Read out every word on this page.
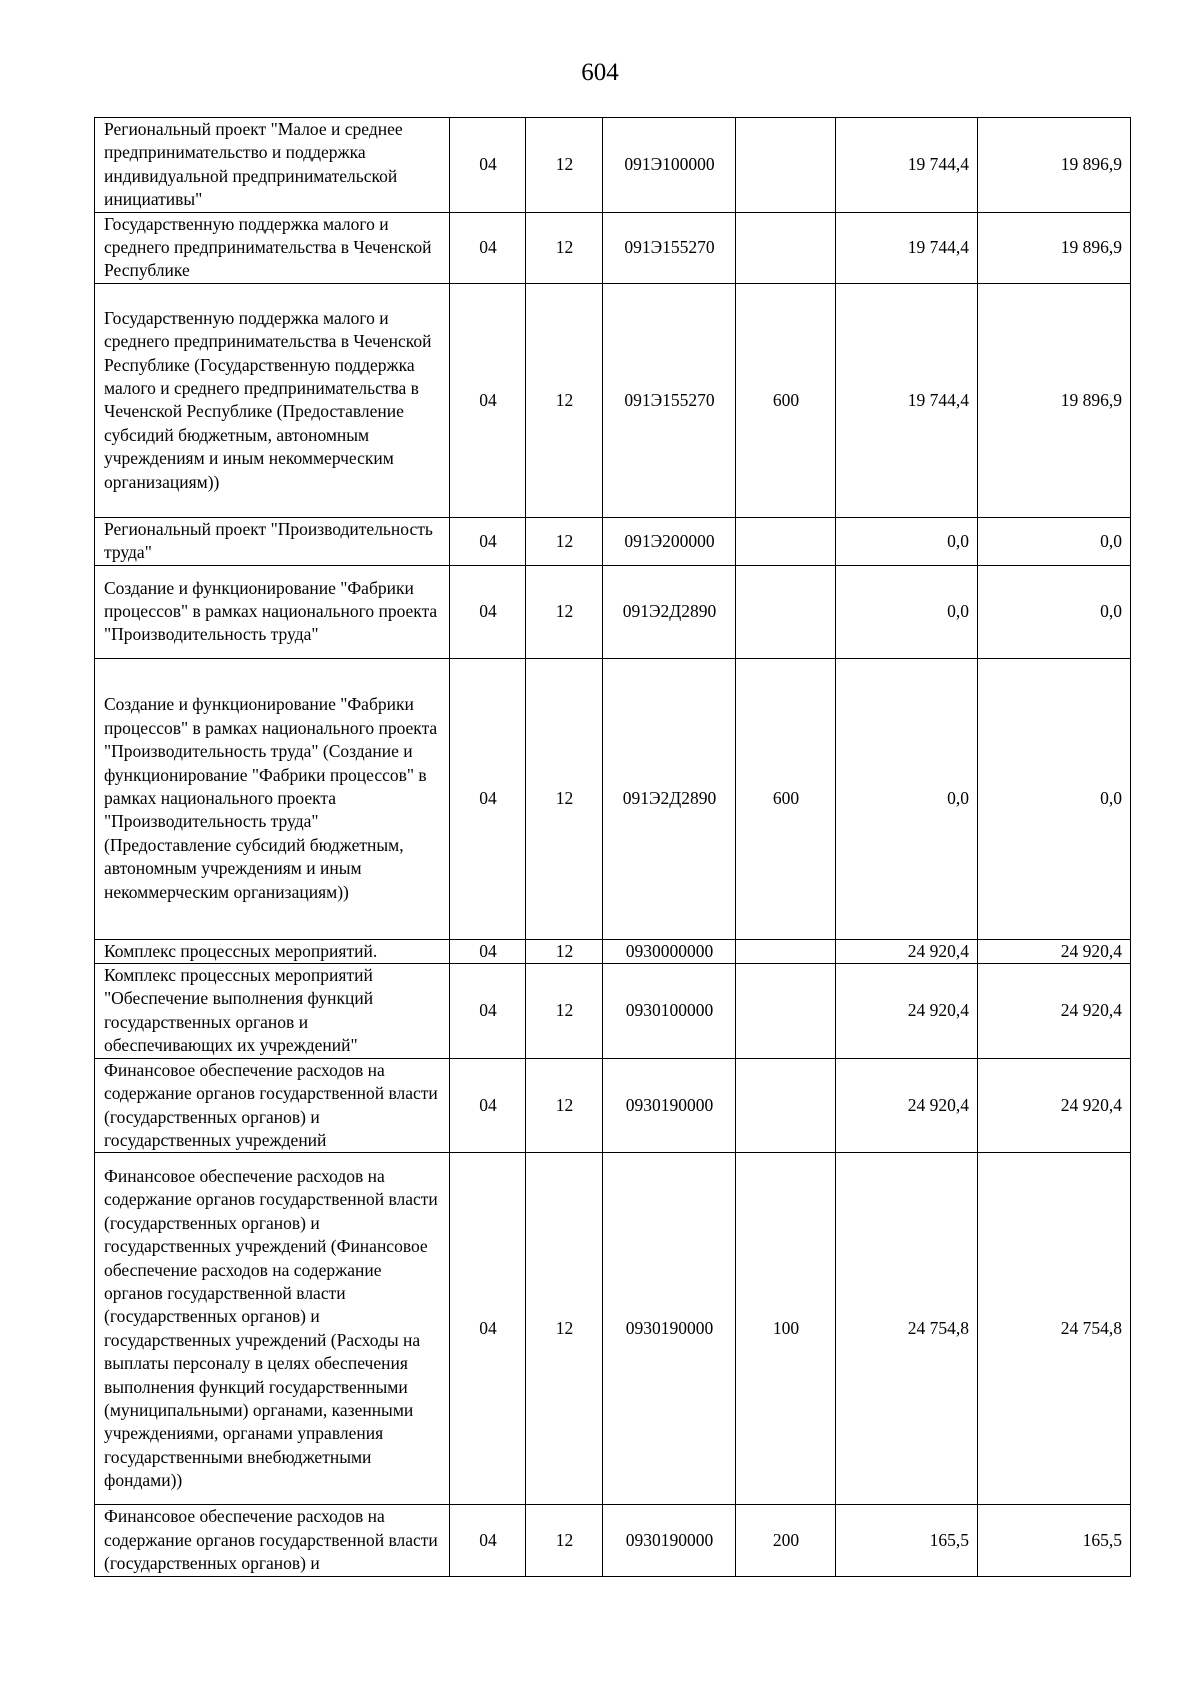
604
Региональный проект "Малое и среднее предпринимательство и поддержка индивидуальной предпринимательской инициативы"	04	12	091Э100000		19 744,4	19 896,9
Государственную поддержка малого и среднего предпринимательства в Чеченской Республике	04	12	091Э155270		19 744,4	19 896,9
Государственную поддержка малого и среднего предпринимательства в Чеченской Республике (Государственную поддержка малого и среднего предпринимательства в Чеченской Республике (Предоставление субсидий бюджетным, автономным учреждениям и иным некоммерческим организациям))	04	12	091Э155270	600	19 744,4	19 896,9
Региональный проект "Производительность труда"	04	12	091Э200000		0,0	0,0
Создание и функционирование "Фабрики процессов" в рамках национального проекта "Производительность труда"	04	12	091Э2Д2890		0,0	0,0
Создание и функционирование "Фабрики процессов" в рамках национального проекта "Производительность труда" (Создание и функционирование "Фабрики процессов" в рамках национального проекта "Производительность труда" (Предоставление субсидий бюджетным, автономным учреждениям и иным некоммерческим организациям))	04	12	091Э2Д2890	600	0,0	0,0
Комплекс процессных мероприятий.	04	12	0930000000		24 920,4	24 920,4
Комплекс процессных мероприятий "Обеспечение выполнения функций государственных органов и обеспечивающих их учреждений"	04	12	0930100000		24 920,4	24 920,4
Финансовое обеспечение расходов на содержание органов государственной власти (государственных органов) и государственных учреждений	04	12	0930190000		24 920,4	24 920,4
Финансовое обеспечение расходов на содержание органов государственной власти (государственных органов) и государственных учреждений (Финансовое обеспечение расходов на содержание органов государственной власти (государственных органов) и государственных учреждений (Расходы на выплаты персоналу в целях обеспечения выполнения функций государственными (муниципальными) органами, казенными учреждениями, органами управления государственными внебюджетными фондами))	04	12	0930190000	100	24 754,8	24 754,8
Финансовое обеспечение расходов на содержание органов государственной власти (государственных органов) и	04	12	0930190000	200	165,5	165,5
